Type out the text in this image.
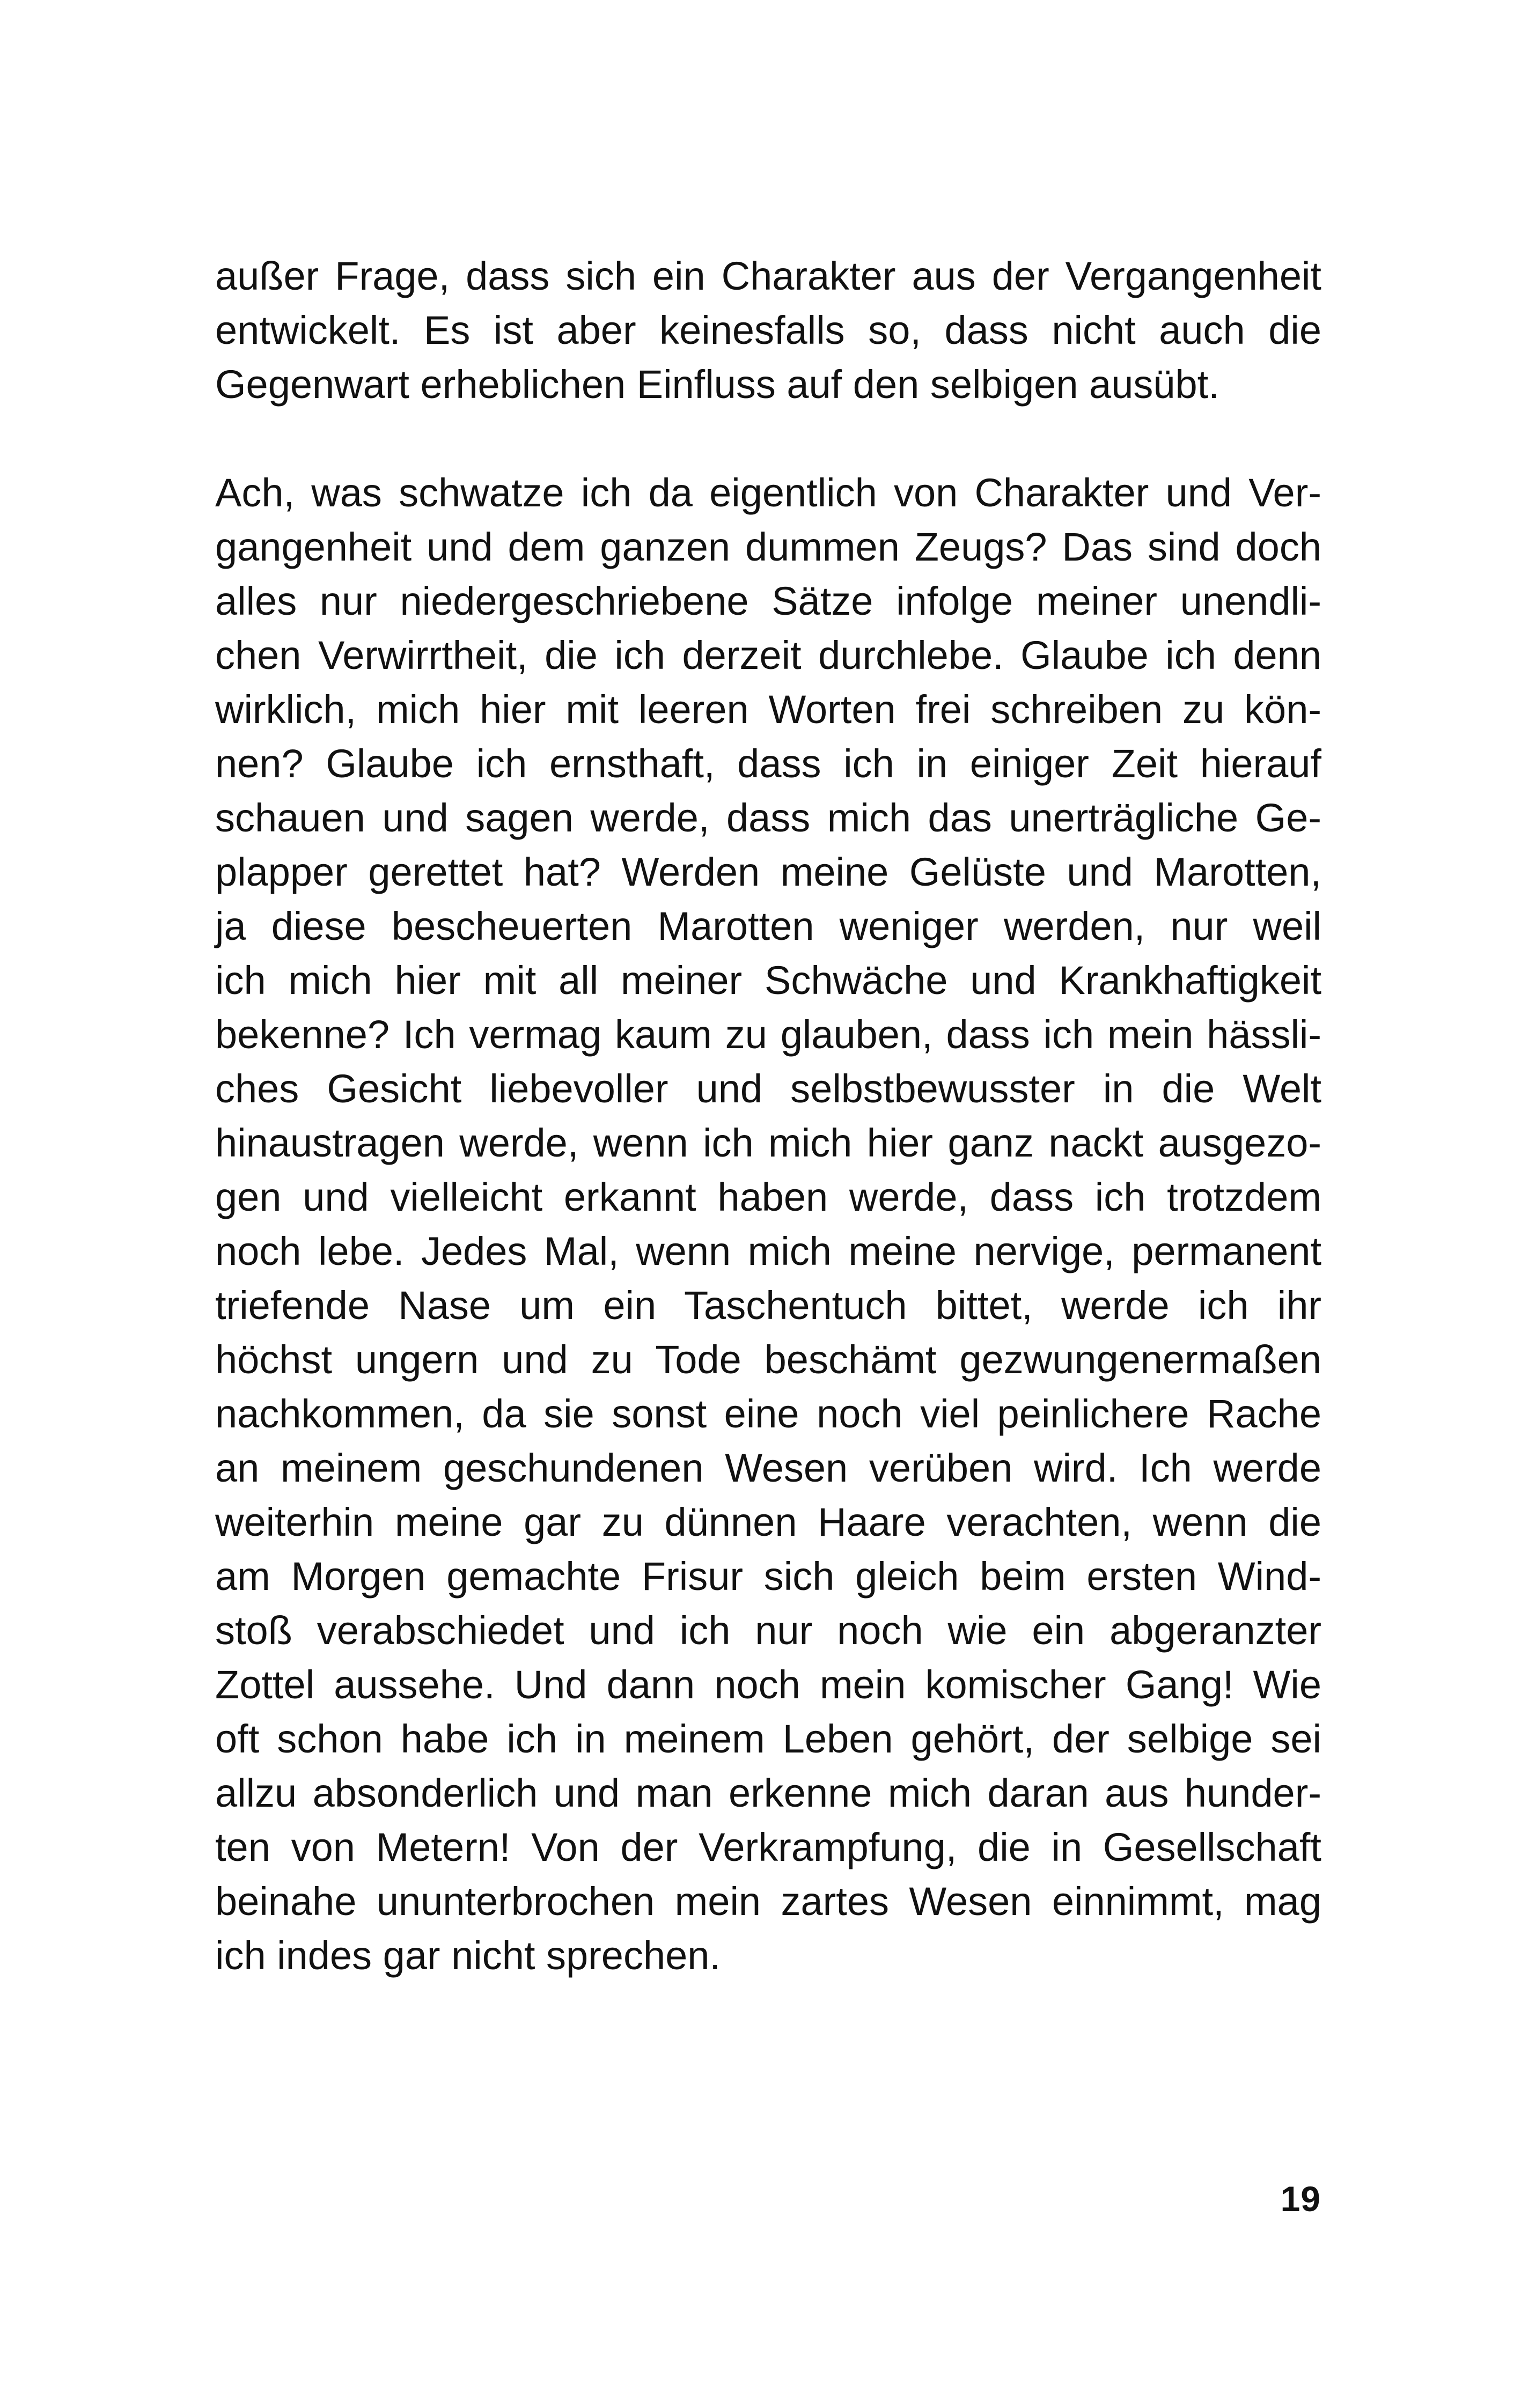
außer Frage, dass sich ein Charakter aus der Vergangenheit
entwickelt. Es ist aber keinesfalls so, dass nicht auch die
Gegenwart erheblichen Einfluss auf den selbigen ausübt.
Ach, was schwatze ich da eigentlich von Charakter und Ver-
gangenheit und dem ganzen dummen Zeugs? Das sind doch
alles nur niedergeschriebene Sätze infolge meiner unendli-
chen Verwirrtheit, die ich derzeit durchlebe. Glaube ich denn
wirklich, mich hier mit leeren Worten frei schreiben zu kön-
nen? Glaube ich ernsthaft, dass ich in einiger Zeit hierauf
schauen und sagen werde, dass mich das unerträgliche Ge-
plapper gerettet hat? Werden meine Gelüste und Marotten,
ja diese bescheuerten Marotten weniger werden, nur weil
ich mich hier mit all meiner Schwäche und Krankhaftigkeit
bekenne? Ich vermag kaum zu glauben, dass ich mein hässli-
ches Gesicht liebevoller und selbstbewusster in die Welt
hinaustragen werde, wenn ich mich hier ganz nackt ausgezo-
gen und vielleicht erkannt haben werde, dass ich trotzdem
noch lebe. Jedes Mal, wenn mich meine nervige, permanent
triefende Nase um ein Taschentuch bittet, werde ich ihr
höchst ungern und zu Tode beschämt gezwungenermaßen
nachkommen, da sie sonst eine noch viel peinlichere Rache
an meinem geschundenen Wesen verüben wird. Ich werde
weiterhin meine gar zu dünnen Haare verachten, wenn die
am Morgen gemachte Frisur sich gleich beim ersten Wind-
stoß verabschiedet und ich nur noch wie ein abgeranzter
Zottel aussehe. Und dann noch mein komischer Gang! Wie
oft schon habe ich in meinem Leben gehört, der selbige sei
allzu absonderlich und man erkenne mich daran aus hunder-
ten von Metern! Von der Verkrampfung, die in Gesellschaft
beinahe ununterbrochen mein zartes Wesen einnimmt, mag
ich indes gar nicht sprechen.
19
